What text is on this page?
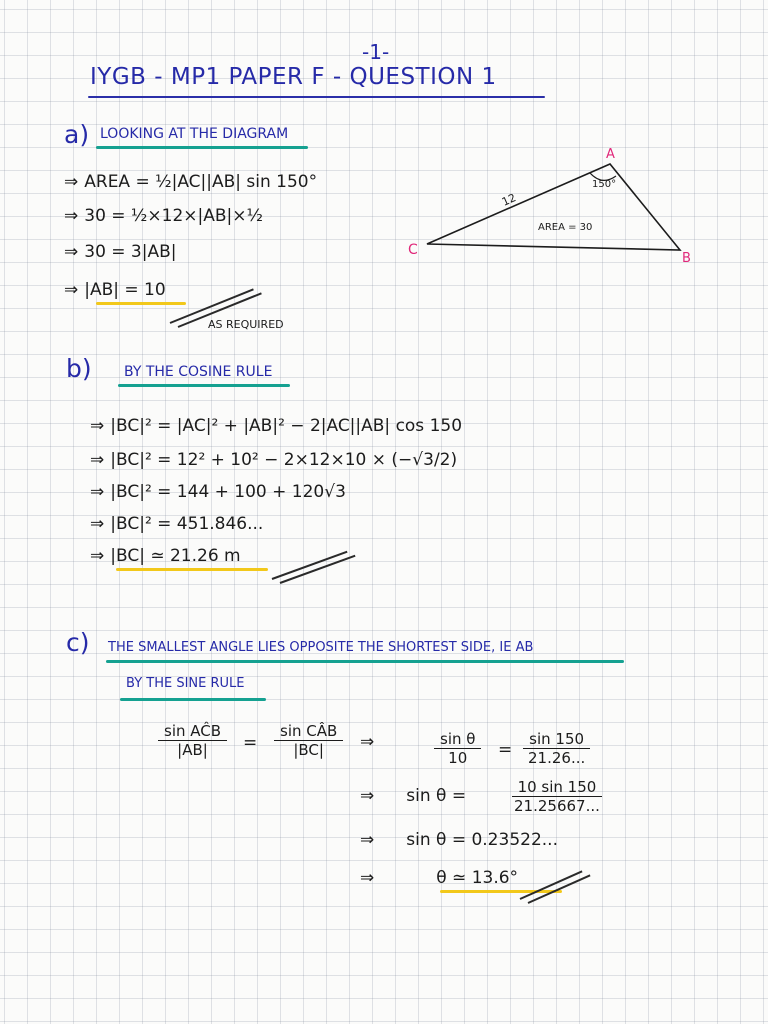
-1-
IYGB - MP1 PAPER F - QUESTION 1
a) LOOKING AT THE DIAGRAM
⇒ AREA = ½|AC||AB| sin 150°
⇒ 30 = ½×12×|AB|×½
⇒ 30 = 3|AB|
⇒ |AB| = 10
AS REQUIRED
A
B
C
150°
12
AREA = 30
b) BY THE COSINE RULE
⇒ |BC|² = |AC|² + |AB|² − 2|AC||AB| cos 150
⇒ |BC|² = 12² + 10² − 2×12×10 × (−√3/2)
⇒ |BC|² = 144 + 100 + 120√3
⇒ |BC|² = 451.846...
⇒ |BC| ≃ 21.26 m
c) THE SMALLEST ANGLE LIES OPPOSITE THE SHORTEST SIDE, IE AB
BY THE SINE RULE
$\frac{\text{sin AĈB}}{|AB|} = \frac{\text{sin CÂB}}{|BC|}$ ⇒	$\frac{\text{sin θ}}{10} = \frac{\sin 150}{21.26...}$
⇒ sin θ =	$\frac{10 \sin 150}{21.25667...}$
⇒ sin θ = 0.23522...
⇒	θ ≃ 13.6°
